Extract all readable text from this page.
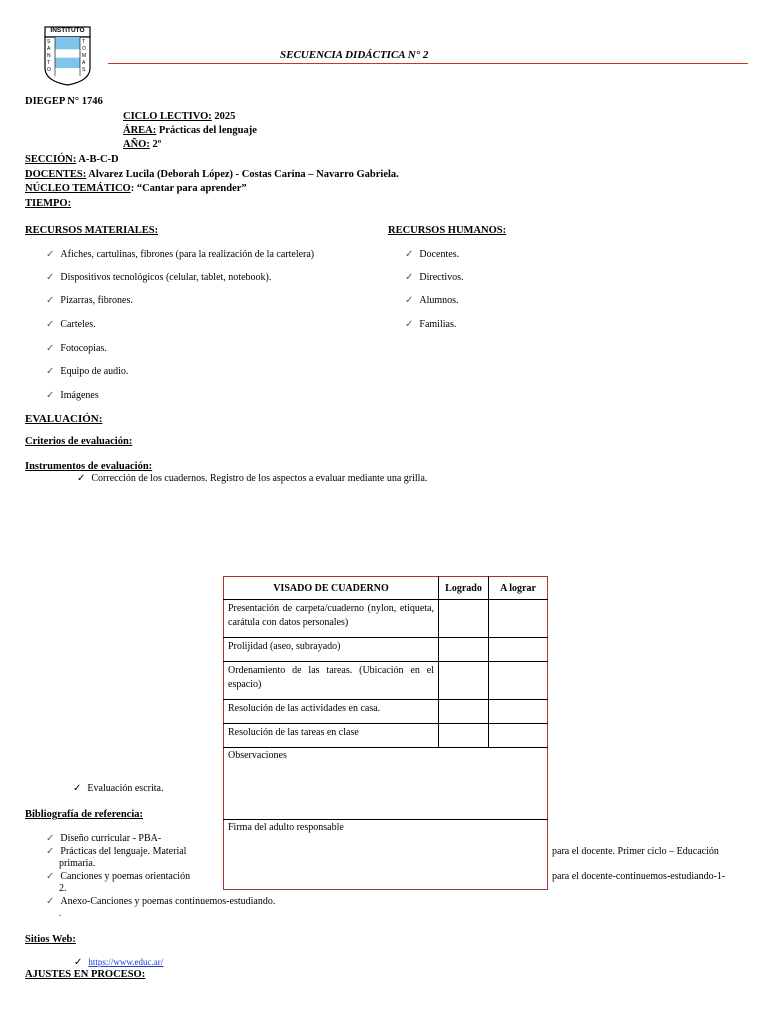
INSTITUTO
S A N T O
T O M A S
SECUENCIA DIDÁCTICA N° 2
DIEGEP N° 1746
CICLO LECTIVO: 2025
ÁREA: Prácticas del lenguaje
AÑO: 2º
SECCIÓN: A-B-C-D
DOCENTES: Alvarez Lucila (Deborah López) - Costas Carina – Navarro Gabriela.
NÚCLEO TEMÁTICO: “Cantar para aprender”
TIEMPO:
RECURSOS MATERIALES:
✓ Afiches, cartulinas, fibrones (para la realización de la cartelera)
✓ Dispositivos tecnológicos (celular, tablet, notebook).
✓ Pizarras, fibrones.
✓ Carteles.
✓ Fotocopias.
✓ Equipo de audio.
✓ Imágenes
RECURSOS HUMANOS:
✓ Docentes.
✓ Directivos.
✓ Alumnos.
✓ Familias.
EVALUACIÓN:
Criterios de evaluación:
Instrumentos de evaluación:
✓ Corrección de los cuadernos. Registro de los aspectos a evaluar mediante una grilla.
VISADO DE CUADERNO	Logrado	A lograr
Presentación de carpeta/cuaderno (nylon, etiqueta, carátula con datos personales)		
Prolijidad (aseo, subrayado)		
Ordenamiento de las tareas. (Ubicación en el espacio)		
Resolución de las actividades en casa.		
Resolución de las tareas en clase		
Observaciones		
Firma del adulto responsable		
✓ Evaluación escrita.
Bibliografía de referencia:
✓ Diseño curricular - PBA-
✓ Prácticas del lenguaje. Material
primaria.
para el docente. Primer ciclo – Educación
✓ Canciones y poemas orientación
2.
para el docente-continuemos-estudiando-1-
✓ Anexo-Canciones y poemas continuemos-estudiando.
.
Sitios Web:
✓ https://www.educ.ar/
AJUSTES EN PROCESO:
